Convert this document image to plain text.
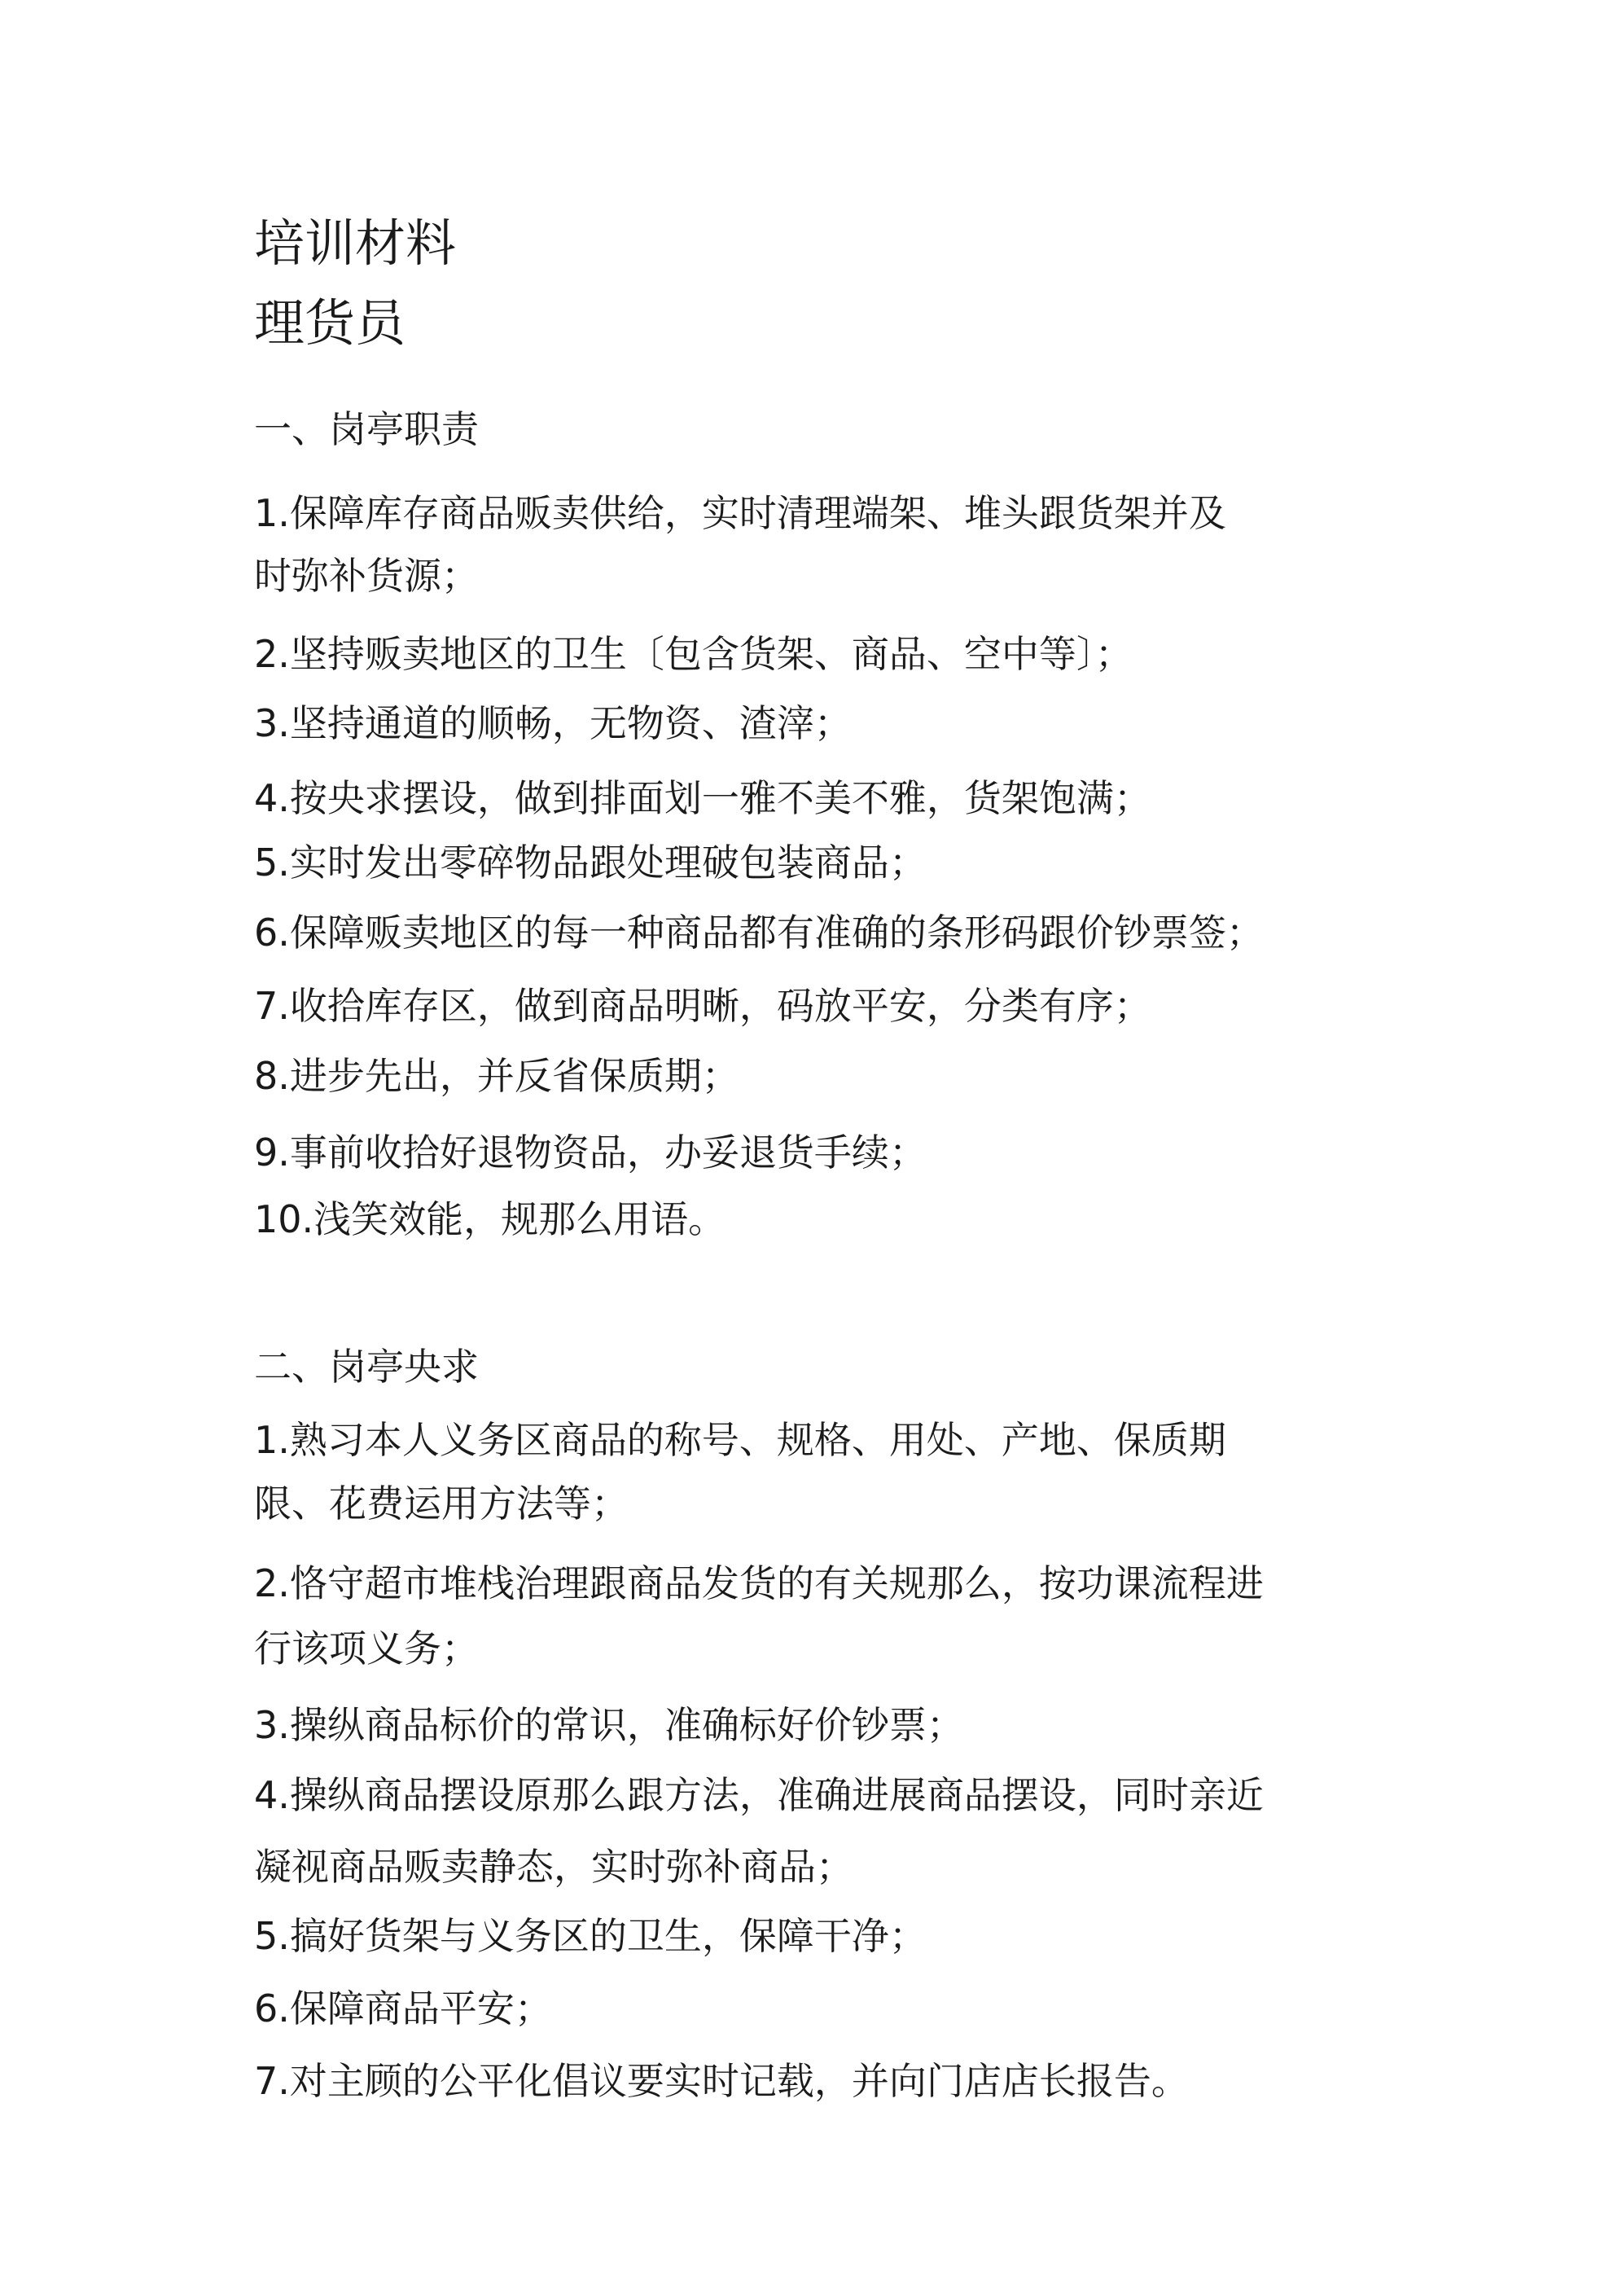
培训材料

理货员

一、岗亭职责

1.保障库存商品贩卖供给，实时清理端架、堆头跟货架并及

时弥补货源；

2.坚持贩卖地区的卫生〔包含货架、商品、空中等〕；

3.坚持通道的顺畅，无物资、渣滓；

4.按央求摆设，做到排面划一雅不美不雅，货架饱满；

5.实时发出零碎物品跟处理破包装商品；

6.保障贩卖地区的每一种商品都有准确的条形码跟价钞票签；

7.收拾库存区，做到商品明晰，码放平安，分类有序；

8.进步先出，并反省保质期；

9.事前收拾好退物资品，办妥退货手续；

10.浅笑效能，规那么用语。

二、岗亭央求

1.熟习本人义务区商品的称号、规格、用处、产地、保质期

限、花费运用方法等；

2.恪守超市堆栈治理跟商品发货的有关规那么，按功课流程进

行该项义务；

3.操纵商品标价的常识，准确标好价钞票；

4.操纵商品摆设原那么跟方法，准确进展商品摆设，同时亲近

凝视商品贩卖静态，实时弥补商品；

5.搞好货架与义务区的卫生，保障干净；

6.保障商品平安；

7.对主顾的公平化倡议要实时记载，并向门店店长报告。
